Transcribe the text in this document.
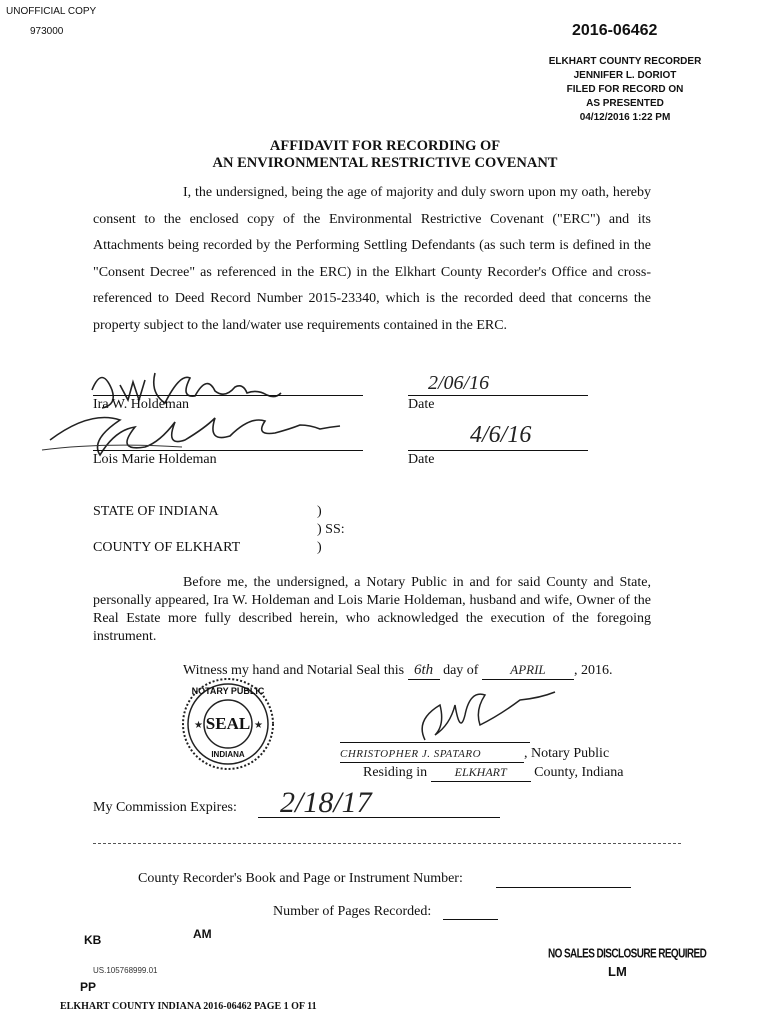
UNOFFICIAL COPY
973000	2016-06462
ELKHART COUNTY RECORDER
JENNIFER L. DORIOT
FILED FOR RECORD ON
AS PRESENTED
04/12/2016 1:22 PM
AFFIDAVIT FOR RECORDING OF
AN ENVIRONMENTAL RESTRICTIVE COVENANT
I, the undersigned, being the age of majority and duly sworn upon my oath, hereby consent to the enclosed copy of the Environmental Restrictive Covenant ("ERC") and its Attachments being recorded by the Performing Settling Defendants (as such term is defined in the "Consent Decree" as referenced in the ERC) in the Elkhart County Recorder's Office and cross-referenced to Deed Record Number 2015-23340, which is the recorded deed that concerns the property subject to the land/water use requirements contained in the ERC.
Ira W. Holdeman
2/06/16
Date
Lois Marie Holdeman
4/6/16
Date
STATE OF INDIANA	)
) SS:
COUNTY OF ELKHART	)
Before me, the undersigned, a Notary Public in and for said County and State, personally appeared, Ira W. Holdeman and Lois Marie Holdeman, husband and wife, Owner of the Real Estate more fully described herein, who acknowledged the execution of the foregoing instrument.
Witness my hand and Notarial Seal this 6th day of APRIL , 2016.
★	★
NOTARY PUBLIC
SEAL
INDIANA	CHRISTOPHER J. SPATARO	, Notary Public
Residing in ELKHART County, Indiana
My Commission Expires: 2/18/17
County Recorder's Book and Page or Instrument Number:
Number of Pages Recorded:
KB	AM
NO SALES DISCLOSURE REQUIRED
LM
US.105768999.01
PP
ELKHART COUNTY INDIANA 2016-06462 PAGE 1 OF 11
